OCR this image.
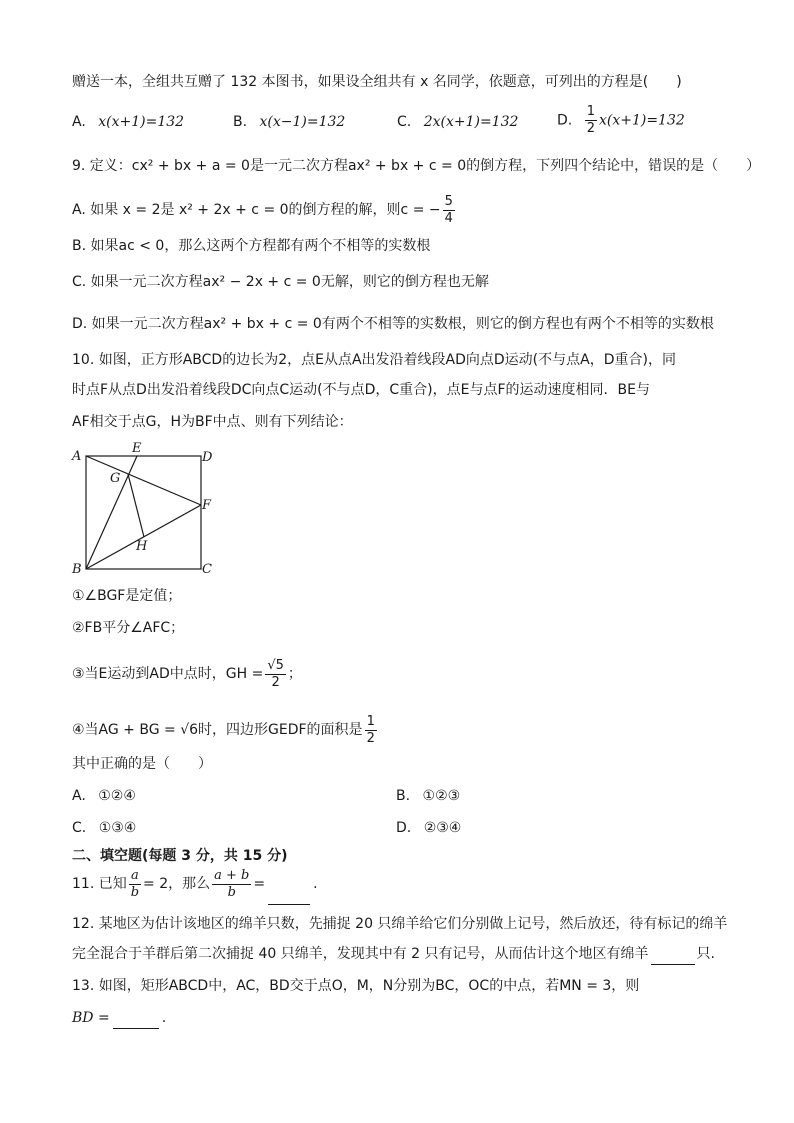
赠送一本，全组共互赠了 132 本图书，如果设全组共有 x 名同学，依题意，可列出的方程是(　　)
A. x(x+1)=132	B. x(x−1)=132	C. 2x(x+1)=132	D. $\frac{1}{2} x(x+1)=132$
9. 定义：cx² + bx + a = 0是一元二次方程ax² + bx + c = 0的倒方程，下列四个结论中，错误的是（　　）
A. 如果 x = 2是 x² + 2x + c = 0的倒方程的解，则c = − $\frac{5}{4}$
B. 如果ac < 0，那么这两个方程都有两个不相等的实数根
C. 如果一元二次方程ax² − 2x + c = 0无解，则它的倒方程也无解
D. 如果一元二次方程ax² + bx + c = 0有两个不相等的实数根，则它的倒方程也有两个不相等的实数根
10. 如图，正方形ABCD的边长为2，点E从点A出发沿着线段AD向点D运动(不与点A，D重合)，同
时点F从点D出发沿着线段DC向点C运动(不与点D，C重合)，点E与点F的运动速度相同．BE与
AF相交于点G，H为BF中点、则有下列结论：
A	D
B	C
E
F
G
H
①∠BGF是定值；
②FB平分∠AFC；
③当E运动到AD中点时，GH = $\frac{√5}{2}$ ；
④当AG + BG = √6时，四边形GEDF的面积是 $\frac{1}{2}$
其中正确的是（　　）
A. ①②④	B. ①②③
C. ①③④	D. ②③④
二、填空题(每题 3 分，共 15 分)
11. 已知 $\frac{a}{b} = 2$，那么 $\frac{a + b}{b}$ =	.
12. 某地区为估计该地区的绵羊只数，先捕捉 20 只绵羊给它们分别做上记号，然后放还，待有标记的绵羊
完全混合于羊群后第二次捕捉 40 只绵羊，发现其中有 2 只有记号，从而估计这个地区有绵羊	只.
13. 如图，矩形ABCD中，AC，BD交于点O，M，N分别为BC，OC的中点，若MN = 3，则
BD =	.
